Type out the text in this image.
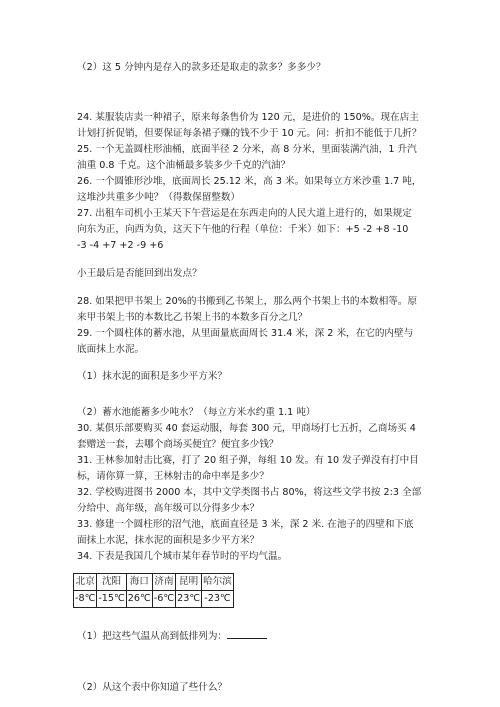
（2）这 5 分钟内是存入的款多还是取走的款多？多多少？
24. 某服装店卖一种裙子，原来每条售价为 120 元，是进价的 150%。现在店主
计划打折促销，但要保证每条裙子赚的钱不少于 10 元。问：折扣不能低于几折？
25. 一个无盖圆柱形油桶，底面半径 2 分米，高 8 分米，里面装满汽油，1 升汽
油重 0.8 千克。这个油桶最多装多少千克的汽油？
26. 一个圆锥形沙堆，底面周长 25.12 米，高 3 米。如果每立方米沙重 1.7 吨，
这堆沙共重多少吨？（得数保留整数）
27. 出租车司机小王某天下午营运是在东西走向的人民大道上进行的，如果规定
向东为正，向西为负，这天下午他的行程（单位：千米）如下：+5 -2 +8 -10
-3 -4 +7 +2 -9 +6
小王最后是否能回到出发点？
28. 如果把甲书架上 20%的书搬到乙书架上，那么两个书架上书的本数相等。原
来甲书架上书的本数比乙书架上书的本数多百分之几？
29. 一个圆柱体的蓄水池，从里面量底面周长 31.4 米，深 2 米，在它的内壁与
底面抹上水泥。
（1）抹水泥的面积是多少平方米？
（2）蓄水池能蓄多少吨水？（每立方米水约重 1.1 吨）
30. 某俱乐部要购买 40 套运动服，每套 300 元，甲商场打七五折，乙商场买 4
套赠送一套，去哪个商场买便宜？便宜多少钱？
31. 王林参加射击比赛，打了 20 组子弹，每组 10 发。有 10 发子弹没有打中目
标，请你算一算，王林射击的命中率是多少？
32. 学校购进图书 2000 本，其中文学类图书占 80%，将这些文学书按 2:3 全部
分给中、高年级，高年级可以分得多少本？
33. 修建一个圆柱形的沼气池，底面直径是 3 米，深 2 米. 在池子的四壁和下底
面抹上水泥，抹水泥的面积是多少平方米？
34. 下表是我国几个城市某年春节时的平均气温。
北京	沈阳	海口	济南	昆明	哈尔滨
-8℃	-15℃	26℃	-6℃	23℃	-23℃
（1）把这些气温从高到低排列为：
（2）从这个表中你知道了些什么？
